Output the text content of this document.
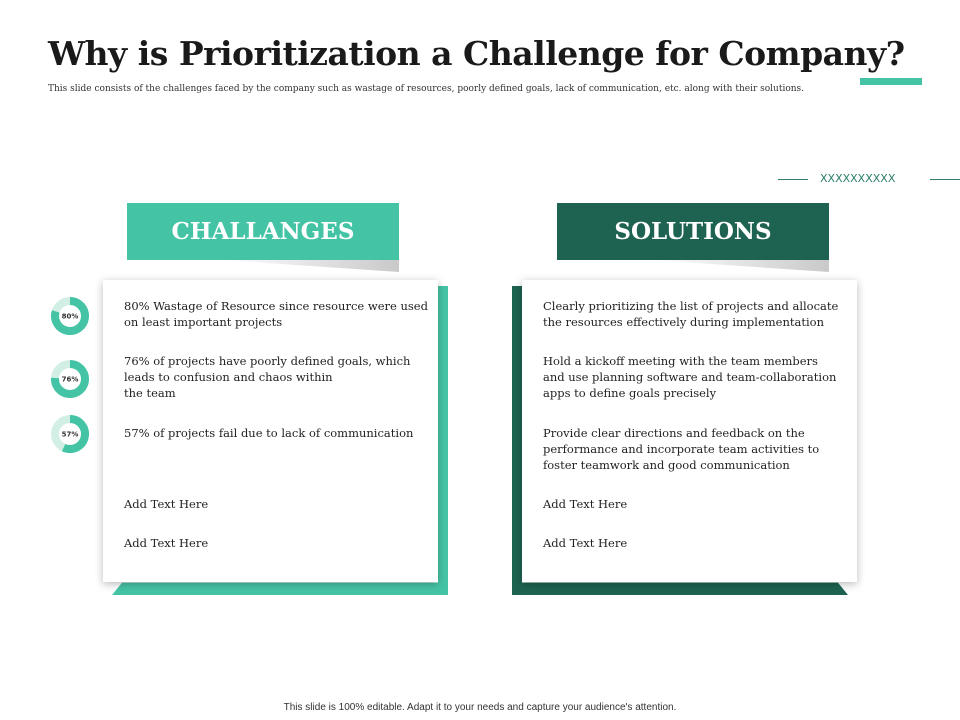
Why is Prioritization a Challenge for Company?
This slide consists of the challenges faced by the company such as wastage of resources, poorly defined goals, lack of communication, etc. along with their solutions.
XXXXXXXXXX
CHALLANGES
80% Wastage of Resource since resource were used
on least important projects
76% of projects have poorly defined goals, which
leads to confusion and chaos within
the team
57% of projects fail due to lack of communication
Add Text Here
Add Text Here
80%
76%
57%
SOLUTIONS
Clearly prioritizing the list of projects and allocate
the resources effectively during implementation
Hold a kickoff meeting with the team members
and use planning software and team-collaboration
apps to define goals precisely
Provide clear directions and feedback on the
performance and incorporate team activities to
foster teamwork and good communication
Add Text Here
Add Text Here
This slide is 100% editable. Adapt it to your needs and capture your audience's attention.
